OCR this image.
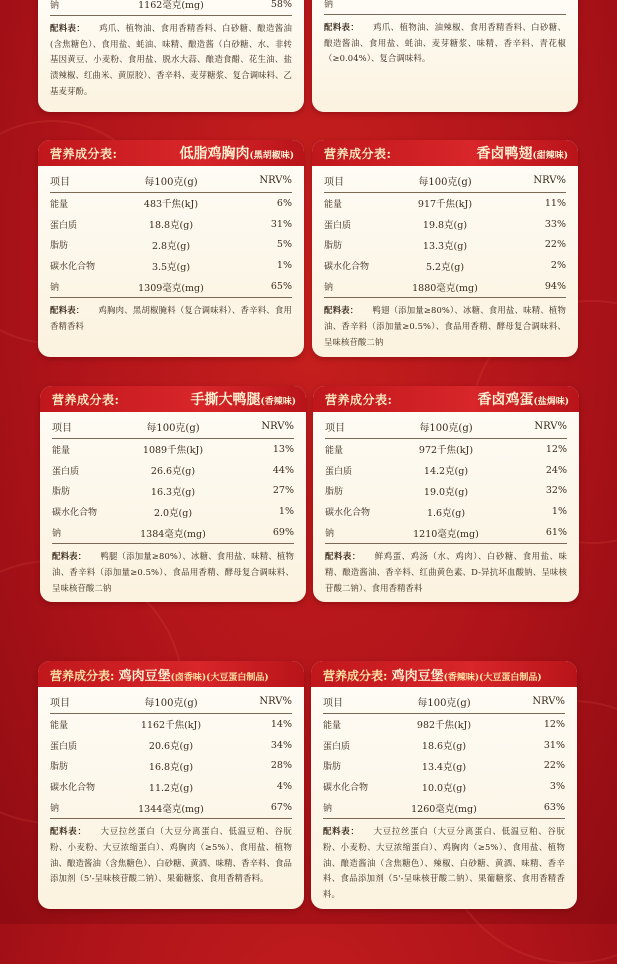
钠	1162毫克(mg)	58%
配料表： 鸡爪、植物油、食用香精香料、白砂糖、酿造酱油(含焦糖色）、食用盐、蚝油、味精、酿造酱（白砂糖、水、非转基因黄豆、小麦粉、食用盐、脱水大蒜、酿造食醋、花生油、盐渍辣椒、红曲米、黄原胶）、香辛料、麦芽糖浆、复合调味料、乙基麦芽酚。
钠		
配料表： 鸡爪、植物油、油辣椒、食用香精香料、白砂糖、酿造酱油、食用盐、蚝油、麦芽糖浆、味精、香辛料、青花椒（≥0.04%）、复合调味料。
营养成分表:	低脂鸡胸肉(黑胡椒味)
项目	每100克(g)	NRV%
能量	483千焦(kJ)	6%
蛋白质	18.8克(g)	31%
脂肪	2.8克(g)	5%
碳水化合物	3.5克(g)	1%
钠	1309毫克(mg)	65%
配料表： 鸡胸肉、黑胡椒腌料（复合调味料）、香辛料、食用香精香料
营养成分表:	香卤鸭翅(甜辣味)
项目	每100克(g)	NRV%
能量	917千焦(kJ)	11%
蛋白质	19.8克(g)	33%
脂肪	13.3克(g)	22%
碳水化合物	5.2克(g)	2%
钠	1880毫克(mg)	94%
配料表： 鸭翅（添加量≥80%）、冰糖、食用盐、味精、植物油、香辛料（添加量≥0.5%）、食品用香精、酵母复合调味料、呈味核苷酸二钠
营养成分表:	手撕大鸭腿(香辣味)
项目	每100克(g)	NRV%
能量	1089千焦(kJ)	13%
蛋白质	26.6克(g)	44%
脂肪	16.3克(g)	27%
碳水化合物	2.0克(g)	1%
钠	1384毫克(mg)	69%
配料表： 鸭腿（添加量≥80%）、冰糖、食用盐、味精、植物油、香辛料（添加量≥0.5%）、食品用香精、酵母复合调味料、呈味核苷酸二钠
营养成分表:	香卤鸡蛋(盐焗味)
项目	每100克(g)	NRV%
能量	972千焦(kJ)	12%
蛋白质	14.2克(g)	24%
脂肪	19.0克(g)	32%
碳水化合物	1.6克(g)	1%
钠	1210毫克(mg)	61%
配料表： 鲜鸡蛋、鸡汤（水、鸡肉）、白砂糖、食用盐、味精、酿造酱油、香辛料、红曲黄色素、D-异抗坏血酸钠、呈味核苷酸二钠）、食用香精香料
营养成分表: 鸡肉豆堡(卤香味)(大豆蛋白制品)
项目	每100克(g)	NRV%
能量	1162千焦(kJ)	14%
蛋白质	20.6克(g)	34%
脂肪	16.8克(g)	28%
碳水化合物	11.2克(g)	4%
钠	1344毫克(mg)	67%
配料表： 大豆拉丝蛋白（大豆分离蛋白、低温豆粕、谷朊粉、小麦粉、大豆浓缩蛋白）、鸡胸肉（≥5%）、食用盐、植物油、酿造酱油（含焦糖色）、白砂糖、黄酒、味精、香辛料、食品添加剂（5'-呈味核苷酸二钠）、果葡糖浆、食用香精香料。
营养成分表: 鸡肉豆堡(香辣味)(大豆蛋白制品)
项目	每100克(g)	NRV%
能量	982千焦(kJ)	12%
蛋白质	18.6克(g)	31%
脂肪	13.4克(g)	22%
碳水化合物	10.0克(g)	3%
钠	1260毫克(mg)	63%
配料表： 大豆拉丝蛋白（大豆分离蛋白、低温豆粕、谷朊粉、小麦粉、大豆浓缩蛋白）、鸡胸肉（≥5%）、食用盐、植物油、酿造酱油（含焦糖色）、辣椒、白砂糖、黄酒、味精、香辛料、食品添加剂（5'-呈味核苷酸二钠）、果葡糖浆、食用香精香料。
